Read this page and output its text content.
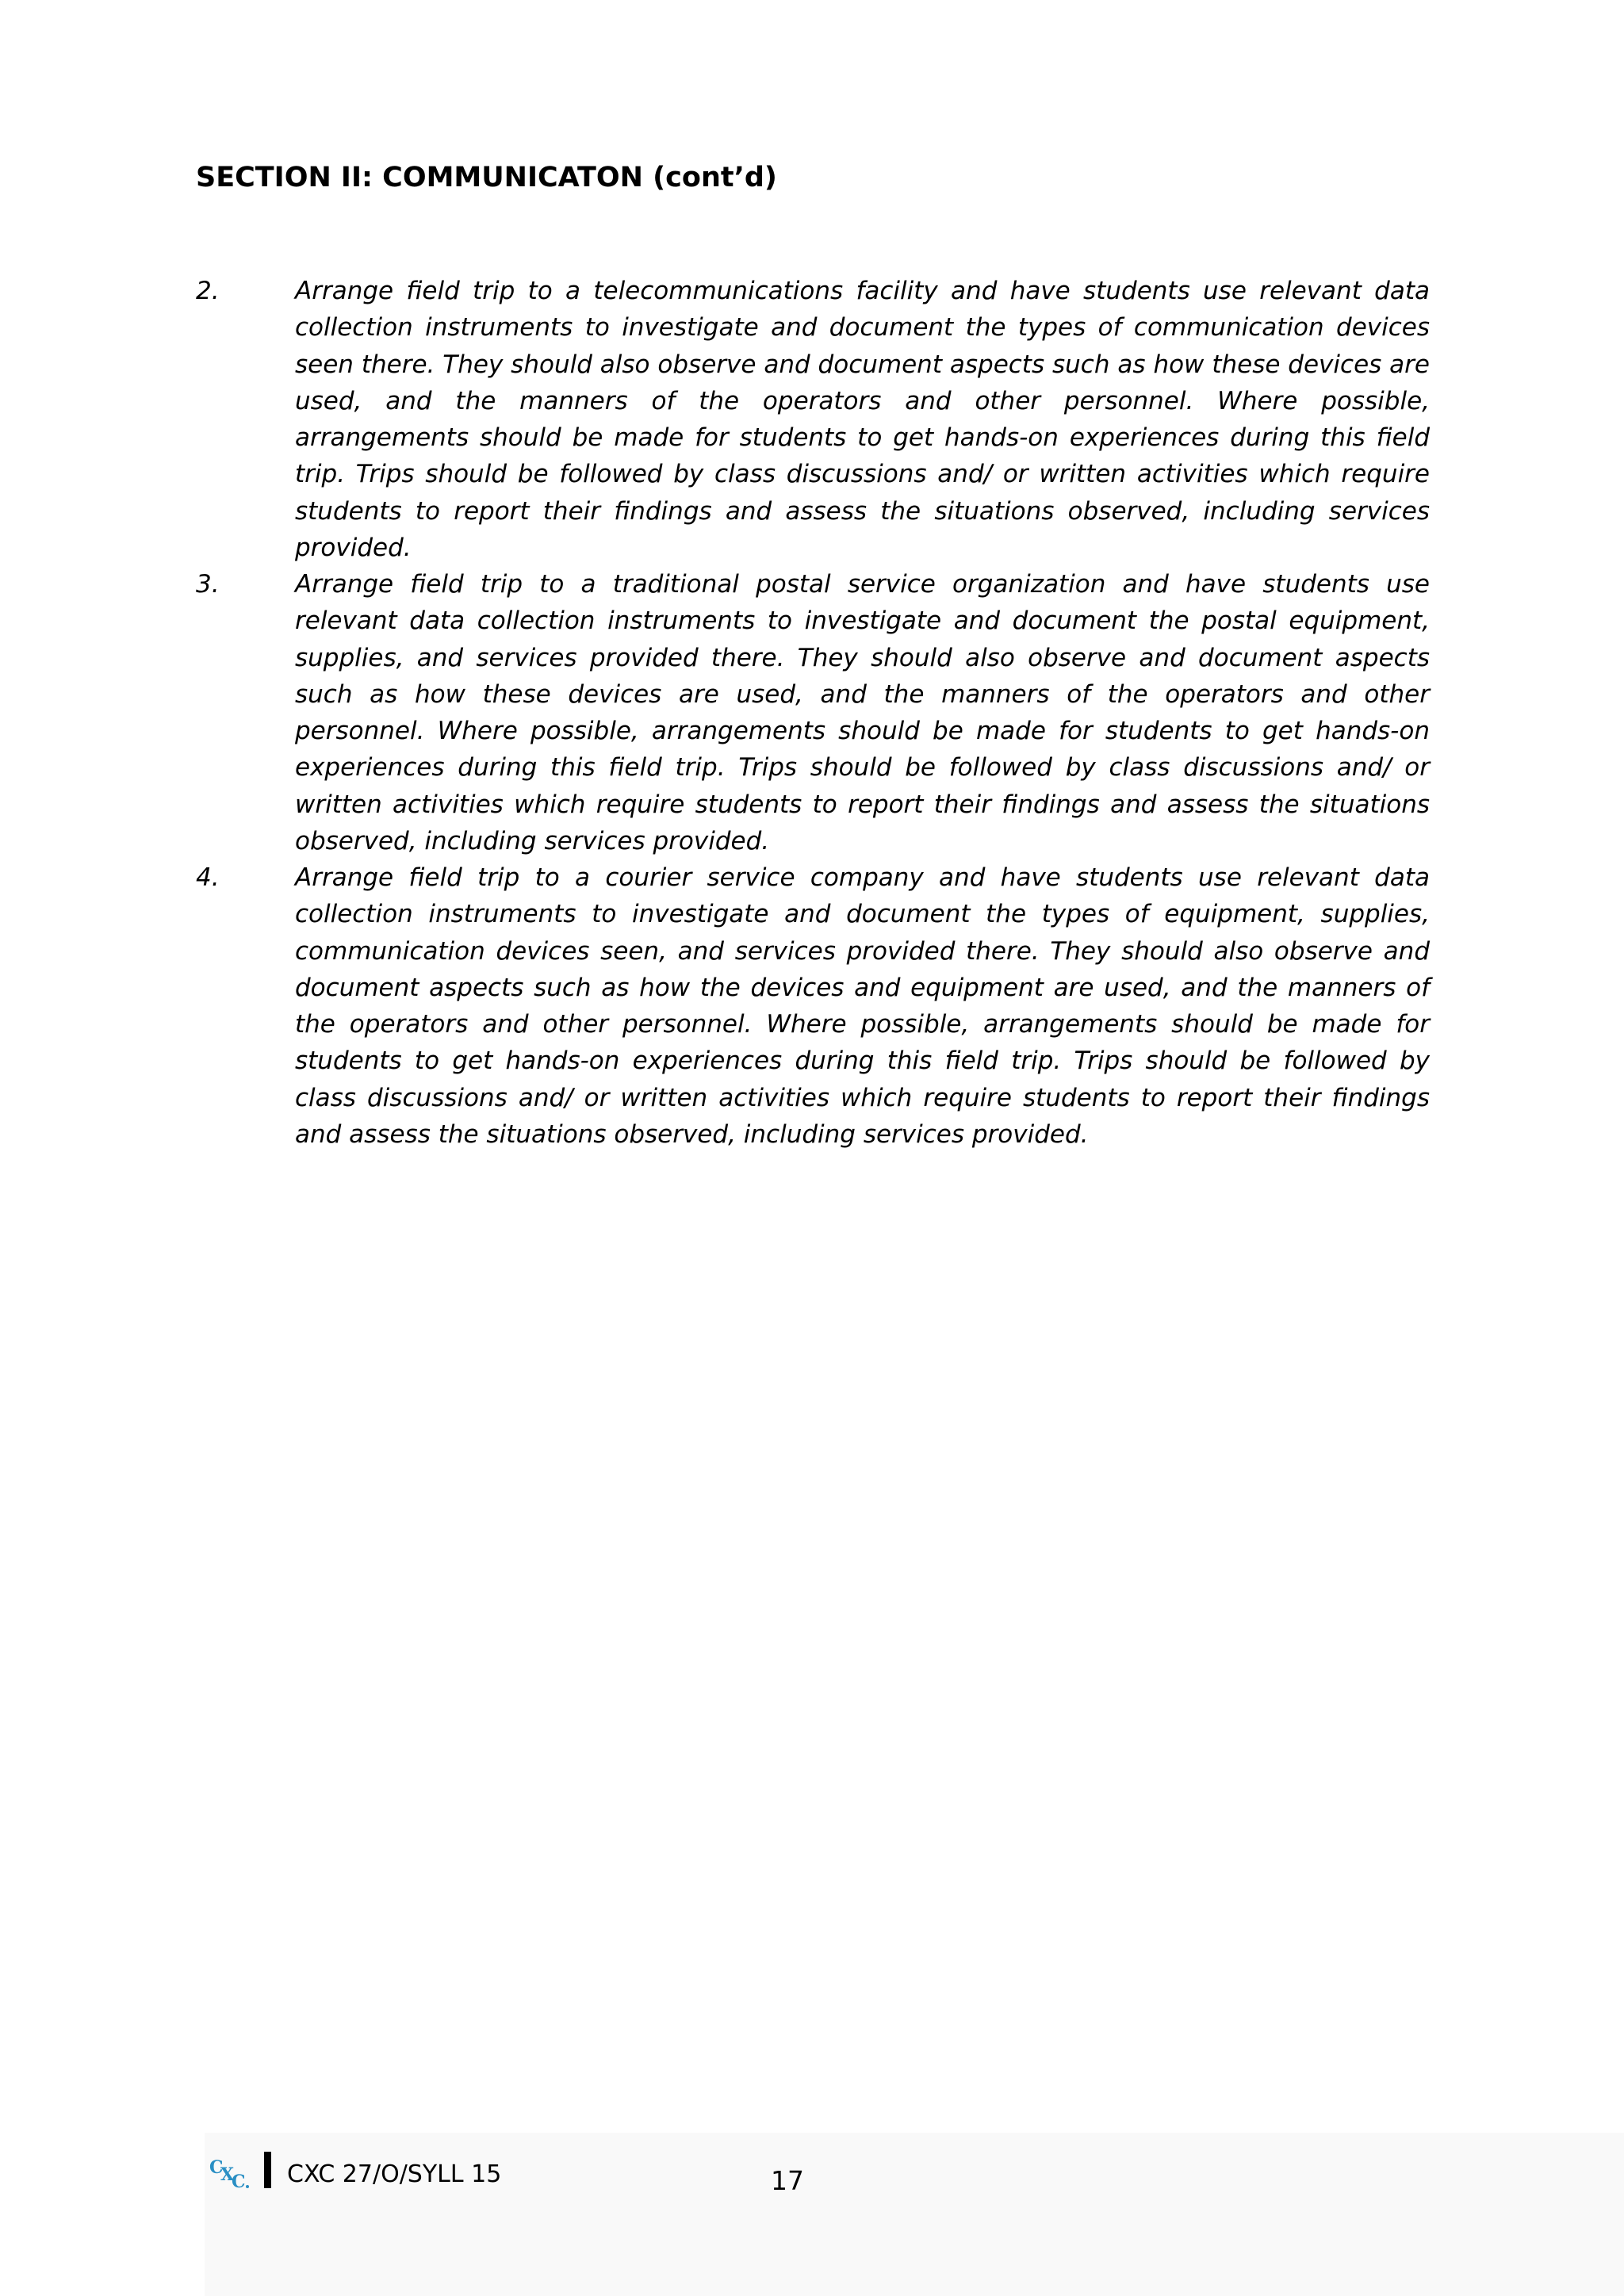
SECTION II: COMMUNICATON (cont’d)
2.	Arrange field trip to a telecommunications facility and have students use relevant data collection instruments to investigate and document the types of communication devices seen there. They should also observe and document aspects such as how these devices are used, and the manners of the operators and other personnel. Where possible, arrangements should be made for students to get hands-on experiences during this field trip. Trips should be followed by class discussions and/ or written activities which require students to report their findings and assess the situations observed, including services provided.

3.	Arrange field trip to a traditional postal service organization and have students use relevant data collection instruments to investigate and document the postal equipment, supplies, and services provided there. They should also observe and document aspects such as how these devices are used, and the manners of the operators and other personnel. Where possible, arrangements should be made for students to get hands-on experiences during this field trip. Trips should be followed by class discussions and/ or written activities which require students to report their findings and assess the situations observed, including services provided.

4.	Arrange field trip to a courier service company and have students use relevant data collection instruments to investigate and document the types of equipment, supplies, communication devices seen, and services provided there. They should also observe and document aspects such as how the devices and equipment are used, and the manners of the operators and other personnel. Where possible, arrangements should be made for students to get hands-on experiences during this field trip. Trips should be followed by class discussions and/ or written activities which require students to report their findings and assess the situations observed, including services provided.

C
X
C CXC 27/O/SYLL 15	17
